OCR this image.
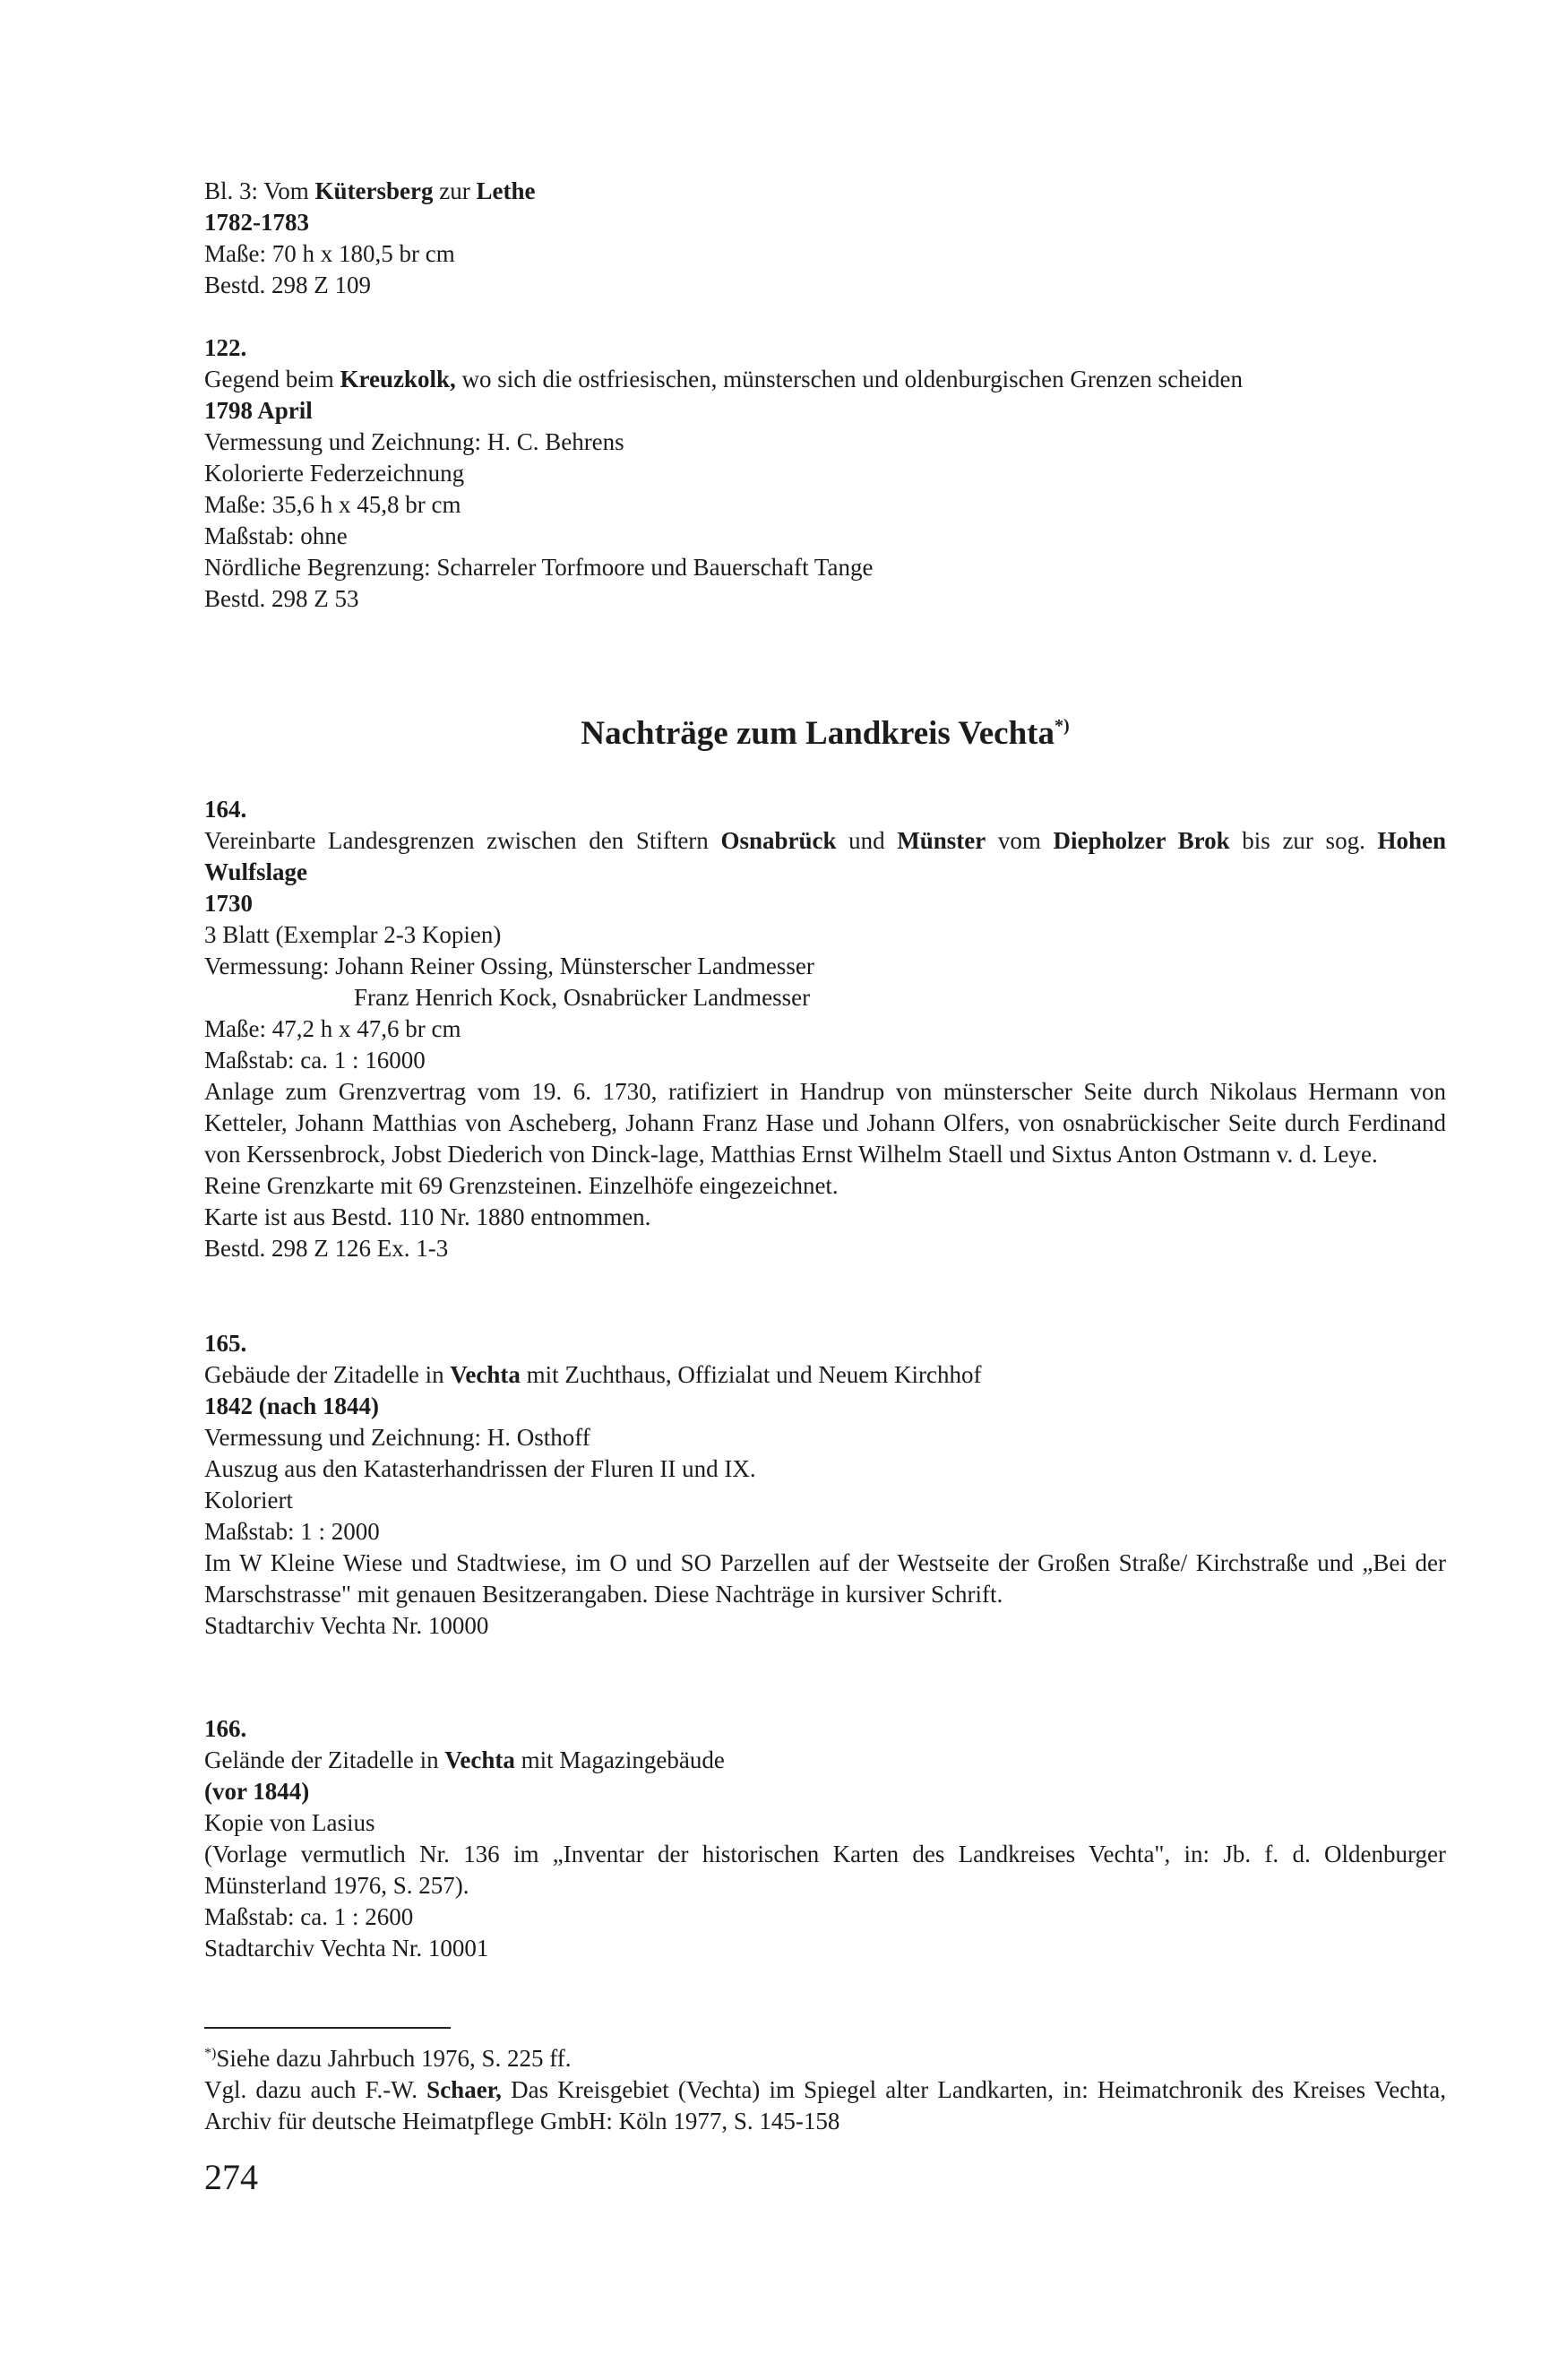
Bl. 3: Vom Kütersberg zur Lethe
1782-1783
Maße: 70 h x 180,5 br cm
Bestd. 298 Z 109
122.
Gegend beim Kreuzkolk, wo sich die ostfriesischen, münsterschen und oldenburgischen Grenzen scheiden
1798 April
Vermessung und Zeichnung: H. C. Behrens
Kolorierte Federzeichnung
Maße: 35,6 h x 45,8 br cm
Maßstab: ohne
Nördliche Begrenzung: Scharreler Torfmoore und Bauerschaft Tange
Bestd. 298 Z 53
Nachträge zum Landkreis Vechta*)
164.
Vereinbarte Landesgrenzen zwischen den Stiftern Osnabrück und Münster vom Diepholzer Brok bis zur sog. Hohen Wulfslage
1730
3 Blatt (Exemplar 2-3 Kopien)
Vermessung: Johann Reiner Ossing, Münsterscher Landmesser
Franz Henrich Kock, Osnabrücker Landmesser
Maße: 47,2 h x 47,6 br cm
Maßstab: ca. 1 : 16000
Anlage zum Grenzvertrag vom 19. 6. 1730, ratifiziert in Handrup von münsterscher Seite durch Nikolaus Hermann von Ketteler, Johann Matthias von Ascheberg, Johann Franz Hase und Johann Olfers, von osnabrückischer Seite durch Ferdinand von Kerssenbrock, Jobst Diederich von Dinck-lage, Matthias Ernst Wilhelm Staell und Sixtus Anton Ostmann v. d. Leye.
Reine Grenzkarte mit 69 Grenzsteinen. Einzelhöfe eingezeichnet.
Karte ist aus Bestd. 110 Nr. 1880 entnommen.
Bestd. 298 Z 126 Ex. 1-3
165.
Gebäude der Zitadelle in Vechta mit Zuchthaus, Offizialat und Neuem Kirchhof
1842 (nach 1844)
Vermessung und Zeichnung: H. Osthoff
Auszug aus den Katasterhandrissen der Fluren II und IX.
Koloriert
Maßstab: 1 : 2000
Im W Kleine Wiese und Stadtwiese, im O und SO Parzellen auf der Westseite der Großen Straße/ Kirchstraße und „Bei der Marschstrasse" mit genauen Besitzerangaben. Diese Nachträge in kursiver Schrift.
Stadtarchiv Vechta Nr. 10000
166.
Gelände der Zitadelle in Vechta mit Magazingebäude
(vor 1844)
Kopie von Lasius
(Vorlage vermutlich Nr. 136 im „Inventar der historischen Karten des Landkreises Vechta", in: Jb. f. d. Oldenburger Münsterland 1976, S. 257).
Maßstab: ca. 1 : 2600
Stadtarchiv Vechta Nr. 10001
*)Siehe dazu Jahrbuch 1976, S. 225 ff.
Vgl. dazu auch F.-W. Schaer, Das Kreisgebiet (Vechta) im Spiegel alter Landkarten, in: Heimatchronik des Kreises Vechta, Archiv für deutsche Heimatpflege GmbH: Köln 1977, S. 145-158
274
